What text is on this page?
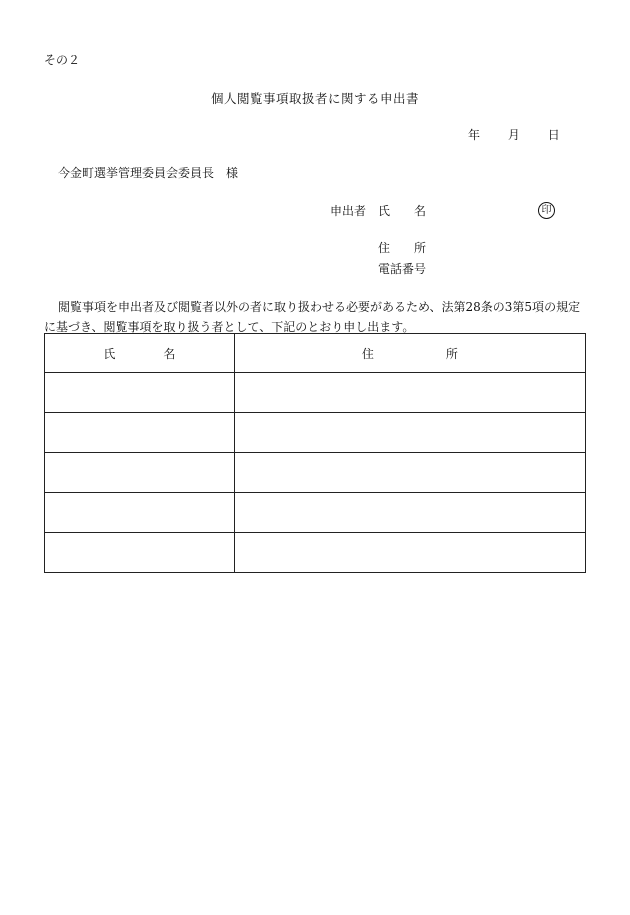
その２
個人閲覧事項取扱者に関する申出書
年 月 日
今金町選挙管理委員会委員長　様
申出者 氏　　名	印
住　　所
電話番号
閲覧事項を申出者及び閲覧者以外の者に取り扱わせる必要があるため、法第28条の3第5項の規定に基づき、閲覧事項を取り扱う者として、下記のとおり申し出ます。
氏　　　　名	住　　　　　　所
